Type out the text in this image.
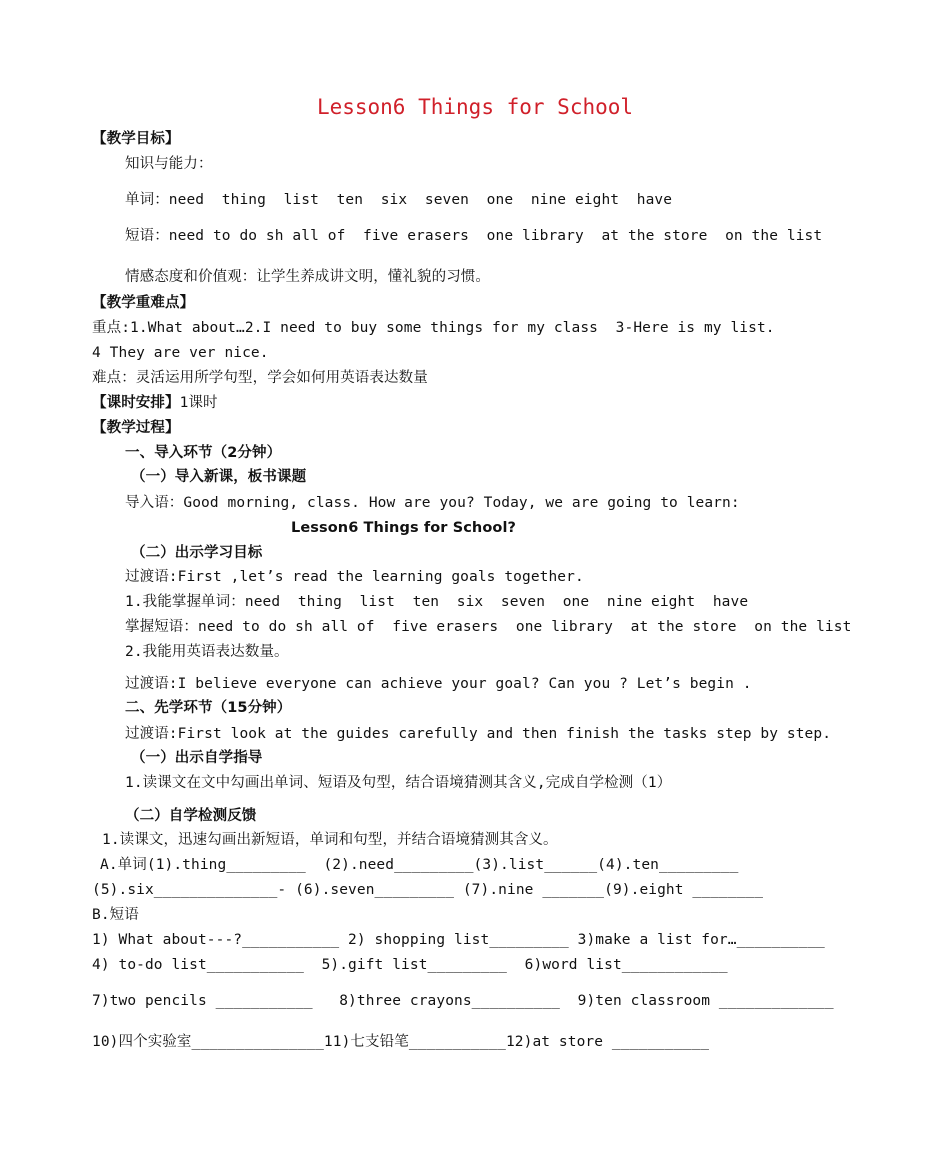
Lesson6 Things for School
【教学目标】
知识与能力：
单词：need  thing  list  ten  six  seven  one  nine eight  have
短语：need to do sh all of  five erasers  one library  at the store  on the list
情感态度和价值观：让学生养成讲文明，懂礼貌的习惯。
【教学重难点】
重点:1.What about…2.I need to buy some things for my class  3-Here is my list.
4 They are ver nice.
难点：灵活运用所学句型，学会如何用英语表达数量
【课时安排】1课时
【教学过程】
一、导入环节（2分钟）
（一）导入新课，板书课题
导入语：Good morning, class. How are you? Today, we are going to learn:
Lesson6 Things for School?
（二）出示学习目标
过渡语:First ,let’s read the learning goals together.
1.我能掌握单词：need  thing  list  ten  six  seven  one  nine eight  have
掌握短语：need to do sh all of  five erasers  one library  at the store  on the list
2.我能用英语表达数量。
过渡语:I believe everyone can achieve your goal? Can you ? Let’s begin .
二、先学环节（15分钟）
过渡语:First look at the guides carefully and then finish the tasks step by step.
（一）出示自学指导
1.读课文在文中勾画出单词、短语及句型，结合语境猜测其含义,完成自学检测（1）
（二）自学检测反馈
1.读课文，迅速勾画出新短语，单词和句型，并结合语境猜测其含义。
A.单词(1).thing_________  (2).need_________(3).list______(4).ten_________
(5).six______________- (6).seven_________ (7).nine _______(9).eight ________
B.短语
1) What about---?___________ 2) shopping list_________ 3)make a list for…__________
4) to-do list___________  5).gift list_________  6)word list____________
7)two pencils ___________   8)three crayons__________  9)ten classroom _____________
10)四个实验室_______________11)七支铅笔___________12)at store ___________
